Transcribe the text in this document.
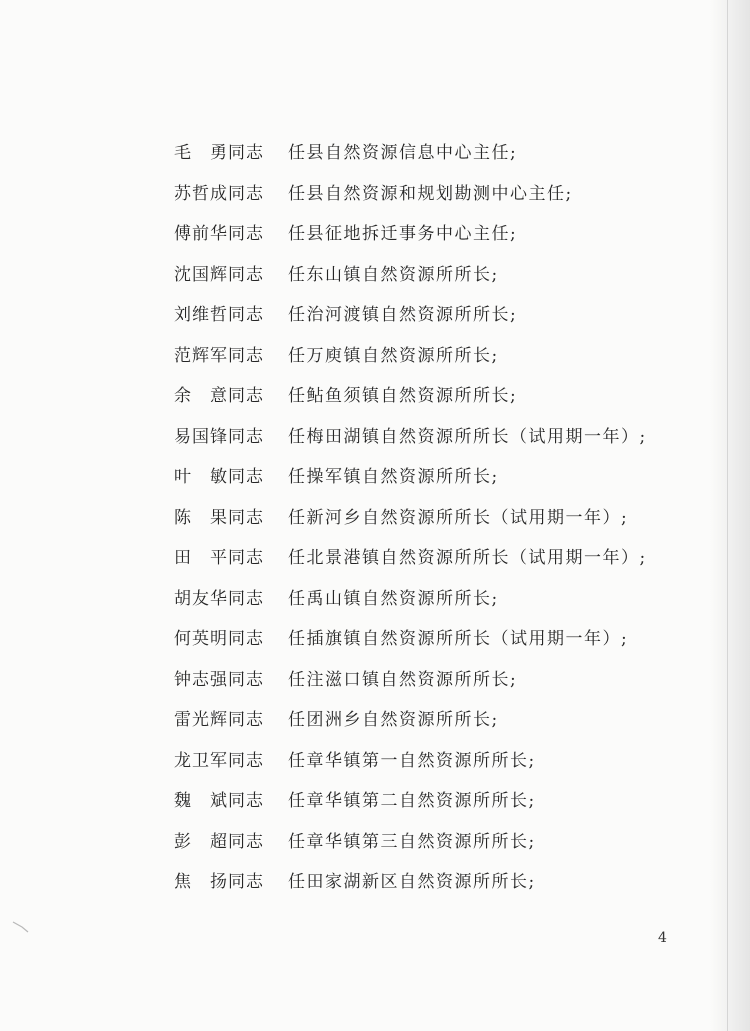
毛　勇同志	任县自然资源信息中心主任;
苏哲成同志	任县自然资源和规划勘测中心主任;
傅前华同志	任县征地拆迁事务中心主任;
沈国辉同志	任东山镇自然资源所所长;
刘维哲同志	任治河渡镇自然资源所所长;
范辉军同志	任万庾镇自然资源所所长;
余　意同志	任鲇鱼须镇自然资源所所长;
易国锋同志	任梅田湖镇自然资源所所长（试用期一年）;
叶　敏同志	任操军镇自然资源所所长;
陈　果同志	任新河乡自然资源所所长（试用期一年）;
田　平同志	任北景港镇自然资源所所长（试用期一年）;
胡友华同志	任禹山镇自然资源所所长;
何英明同志	任插旗镇自然资源所所长（试用期一年）;
钟志强同志	任注滋口镇自然资源所所长;
雷光辉同志	任团洲乡自然资源所所长;
龙卫军同志	任章华镇第一自然资源所所长;
魏　斌同志	任章华镇第二自然资源所所长;
彭　超同志	任章华镇第三自然资源所所长;
焦　扬同志	任田家湖新区自然资源所所长;
4
